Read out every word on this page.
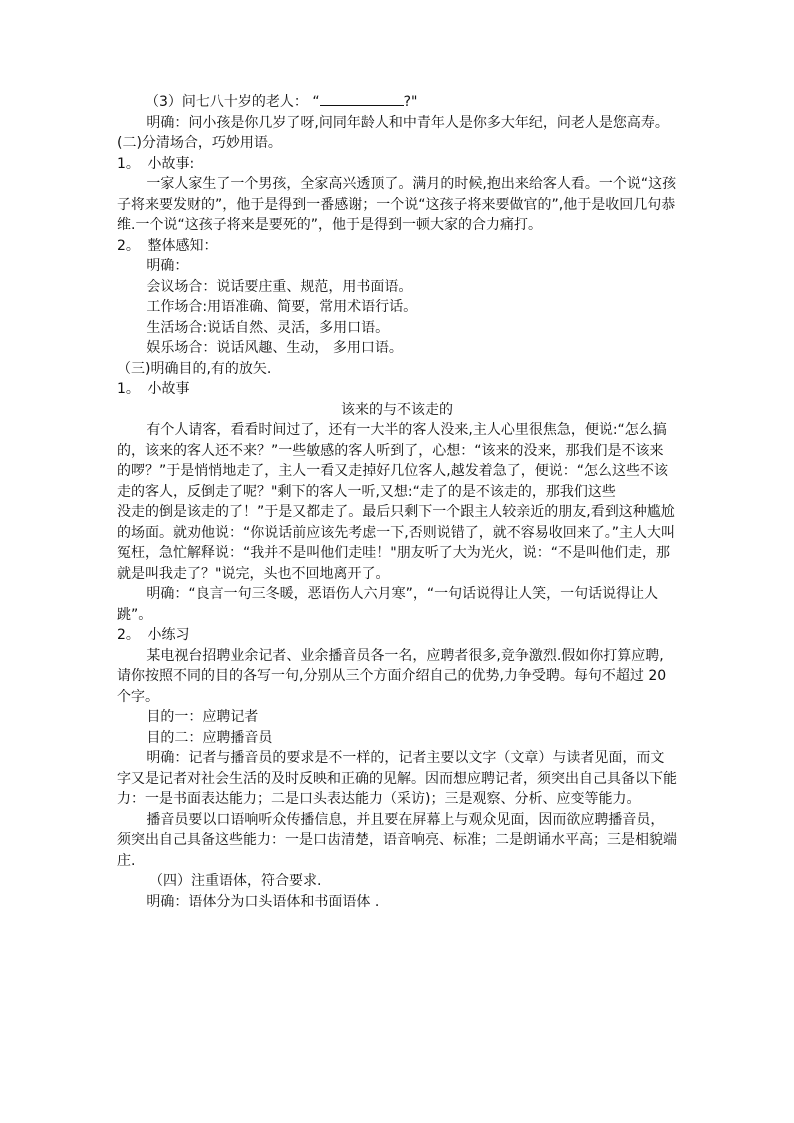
（3）问七八十岁的老人： “	?"

明确：问小孩是你几岁了呀,问同年龄人和中青年人是你多大年纪，问老人是您高寿。

(二)分清场合，巧妙用语。

1。 小故事:

一家人家生了一个男孩，全家高兴透顶了。满月的时候,抱出来给客人看。一个说“这孩子将来要发财的”，他于是得到一番感谢；一个说“这孩子将来要做官的”,他于是收回几句恭维.一个说“这孩子将来是要死的”，他于是得到一顿大家的合力痛打。

2。 整体感知：

明确：

会议场合：说话要庄重、规范，用书面语。

工作场合:用语准确、简要，常用术语行话。

生活场合:说话自然、灵活，多用口语。

娱乐场合：说话风趣、生动， 多用口语。

（三)明确目的,有的放矢.

1。 小故事

该来的与不该走的

有个人请客，看看时间过了，还有一大半的客人没来,主人心里很焦急，便说:“怎么搞的，该来的客人还不来？”一些敏感的客人听到了，心想：“该来的没来，那我们是不该来的啰？”于是悄悄地走了，主人一看又走掉好几位客人,越发着急了，便说：“怎么这些不该走的客人，反倒走了呢？"剩下的客人一听,又想:“走了的是不该走的，那我们这些

没走的倒是该走的了！”于是又都走了。最后只剩下一个跟主人较亲近的朋友,看到这种尴尬的场面。就劝他说：“你说话前应该先考虑一下,否则说错了，就不容易收回来了。”主人大叫冤枉，急忙解释说：“我并不是叫他们走哇！"朋友听了大为光火，说：“不是叫他们走，那就是叫我走了？"说完，头也不回地离开了。

明确：“良言一句三冬暖，恶语伤人六月寒”，“一句话说得让人笑，一句话说得让人跳”。

2。 小练习

某电视台招聘业余记者、业余播音员各一名，应聘者很多,竞争激烈.假如你打算应聘,请你按照不同的目的各写一句,分别从三个方面介绍自己的优势,力争受聘。每句不超过 20 个字。

目的一：应聘记者

目的二：应聘播音员

明确：记者与播音员的要求是不一样的，记者主要以文字（文章）与读者见面，而文字又是记者对社会生活的及时反映和正确的见解。因而想应聘记者，须突出自己具备以下能力：一是书面表达能力；二是口头表达能力（采访)；三是观察、分析、应变等能力。

播音员要以口语响听众传播信息，并且要在屏幕上与观众见面，因而欲应聘播音员，须突出自己具备这些能力：一是口齿清楚，语音响亮、标准；二是朗诵水平高；三是相貌端庄.

（四）注重语体，符合要求.

明确：语体分为口头语体和书面语体 .
